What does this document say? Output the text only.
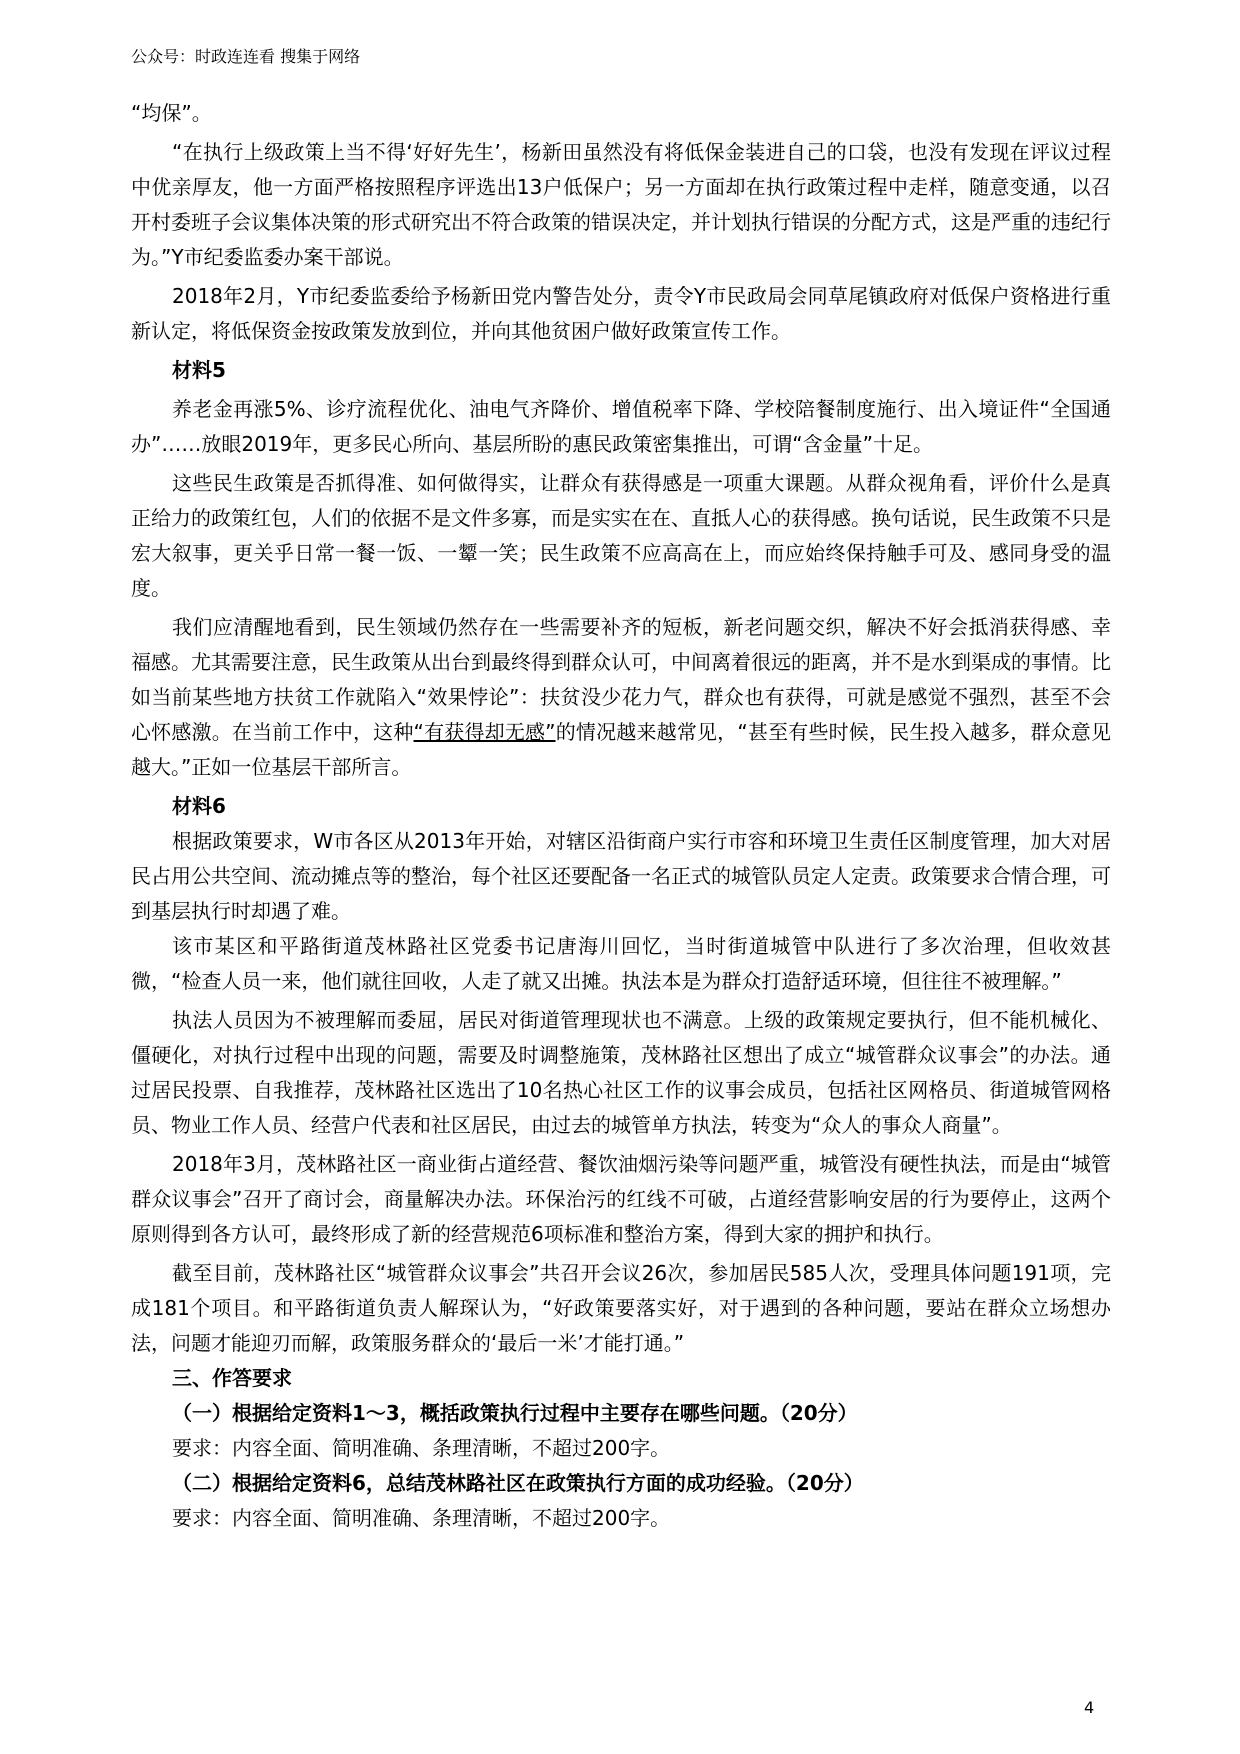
公众号：时政连连看 搜集于网络

“均保”。

“在执行上级政策上当不得‘好好先生’，杨新田虽然没有将低保金装进自己的口袋，也没有发现在评议过程中优亲厚友，他一方面严格按照程序评选出13户低保户；另一方面却在执行政策过程中走样，随意变通，以召开村委班子会议集体决策的形式研究出不符合政策的错误决定，并计划执行错误的分配方式，这是严重的违纪行为。”Y市纪委监委办案干部说。

2018年2月，Y市纪委监委给予杨新田党内警告处分，责令Y市民政局会同草尾镇政府对低保户资格进行重新认定，将低保资金按政策发放到位，并向其他贫困户做好政策宣传工作。

材料5

养老金再涨5%、诊疗流程优化、油电气齐降价、增值税率下降、学校陪餐制度施行、出入境证件“全国通办”……放眼2019年，更多民心所向、基层所盼的惠民政策密集推出，可谓“含金量”十足。

这些民生政策是否抓得准、如何做得实，让群众有获得感是一项重大课题。从群众视角看，评价什么是真正给力的政策红包，人们的依据不是文件多寡，而是实实在在、直抵人心的获得感。换句话说，民生政策不只是宏大叙事，更关乎日常一餐一饭、一颦一笑；民生政策不应高高在上，而应始终保持触手可及、感同身受的温度。

我们应清醒地看到，民生领域仍然存在一些需要补齐的短板，新老问题交织，解决不好会抵消获得感、幸福感。尤其需要注意，民生政策从出台到最终得到群众认可，中间离着很远的距离，并不是水到渠成的事情。比如当前某些地方扶贫工作就陷入“效果悖论”：扶贫没少花力气，群众也有获得，可就是感觉不强烈，甚至不会心怀感激。在当前工作中，这种“有获得却无感”的情况越来越常见，“甚至有些时候，民生投入越多，群众意见越大。”正如一位基层干部所言。

材料6

根据政策要求，W市各区从2013年开始，对辖区沿街商户实行市容和环境卫生责任区制度管理，加大对居民占用公共空间、流动摊点等的整治，每个社区还要配备一名正式的城管队员定人定责。政策要求合情合理，可到基层执行时却遇了难。

该市某区和平路街道茂林路社区党委书记唐海川回忆，当时街道城管中队进行了多次治理，但收效甚微，“检查人员一来，他们就往回收，人走了就又出摊。执法本是为群众打造舒适环境，但往往不被理解。”

执法人员因为不被理解而委屈，居民对街道管理现状也不满意。上级的政策规定要执行，但不能机械化、僵硬化，对执行过程中出现的问题，需要及时调整施策，茂林路社区想出了成立“城管群众议事会”的办法。通过居民投票、自我推荐，茂林路社区选出了10名热心社区工作的议事会成员，包括社区网格员、街道城管网格员、物业工作人员、经营户代表和社区居民，由过去的城管单方执法，转变为“众人的事众人商量”。

2018年3月，茂林路社区一商业街占道经营、餐饮油烟污染等问题严重，城管没有硬性执法，而是由“城管群众议事会”召开了商讨会，商量解决办法。环保治污的红线不可破，占道经营影响安居的行为要停止，这两个原则得到各方认可，最终形成了新的经营规范6项标准和整治方案，得到大家的拥护和执行。

截至目前，茂林路社区“城管群众议事会”共召开会议26次，参加居民585人次，受理具体问题191项，完成181个项目。和平路街道负责人解琛认为，“好政策要落实好，对于遇到的各种问题，要站在群众立场想办法，问题才能迎刃而解，政策服务群众的‘最后一米’才能打通。”

三、作答要求

（一）根据给定资料1～3，概括政策执行过程中主要存在哪些问题。（20分）

要求：内容全面、简明准确、条理清晰，不超过200字。

（二）根据给定资料6，总结茂林路社区在政策执行方面的成功经验。（20分）

要求：内容全面、简明准确、条理清晰，不超过200字。

4
